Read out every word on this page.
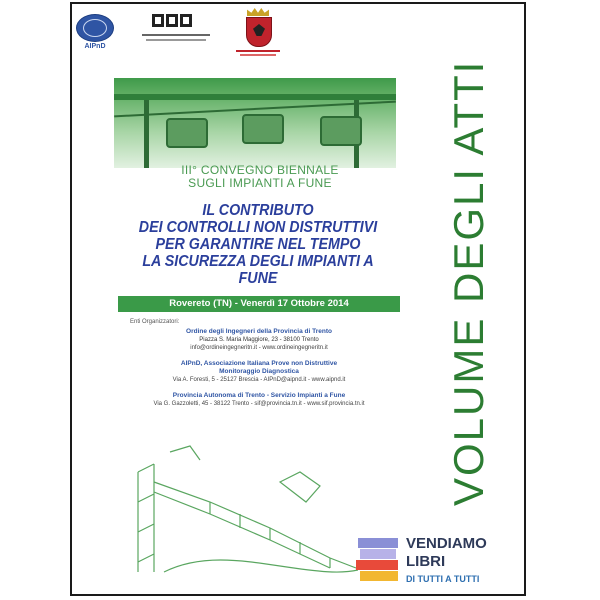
AIPnD
III° CONVEGNO BIENNALE
SUGLI IMPIANTI A FUNE
IL CONTRIBUTO
DEI CONTROLLI NON DISTRUTTIVI
PER GARANTIRE NEL TEMPO
LA SICUREZZA DEGLI IMPIANTI A FUNE
Rovereto (TN) - Venerdì 17 Ottobre 2014
Enti Organizzatori:
Ordine degli Ingegneri della Provincia di Trento
Piazza S. Maria Maggiore, 23 - 38100 Trento
info@ordineingegneritn.it - www.ordineingegneritn.it
AIPnD, Associazione Italiana Prove non Distruttive
Monitoraggio Diagnostica
Via A. Foresti, 5 - 25127 Brescia - AIPnD@aipnd.it - www.aipnd.it
Provincia Autonoma di Trento - Servizio Impianti a Fune
Via G. Gazzoletti, 45 - 38122 Trento - sif@provincia.tn.it - www.sif.provincia.tn.it	VOLUME DEGLI ATTI
VENDIAMO
LIBRI
DI TUTTI A TUTTI
